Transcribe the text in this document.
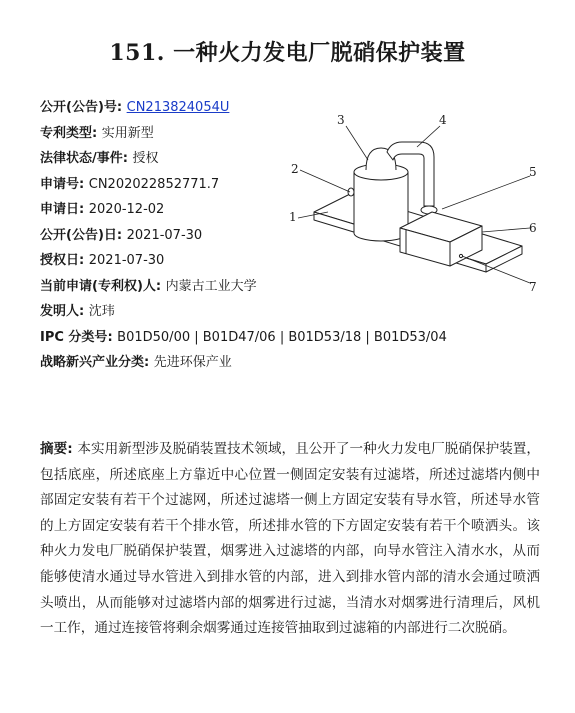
151. 一种火力发电厂脱硝保护装置
公开(公告)号: CN213824054U
专利类型: 实用新型
法律状态/事件: 授权
申请号: CN202022852771.7
申请日: 2020-12-02
公开(公告)日: 2021-07-30
授权日: 2021-07-30
当前申请(专利权)人: 内蒙古工业大学
发明人: 沈玮
IPC 分类号: B01D50/00 | B01D47/06 | B01D53/18 | B01D53/04
战略新兴产业分类: 先进环保产业
1
2
3	4
5
6
7
摘要: 本实用新型涉及脱硝装置技术领域，且公开了一种火力发电厂脱硝保护装置，包括底座，所述底座上方靠近中心位置一侧固定安装有过滤塔，所述过滤塔内侧中部固定安装有若干个过滤网，所述过滤塔一侧上方固定安装有导水管，所述导水管的上方固定安装有若干个排水管，所述排水管的下方固定安装有若干个喷洒头。该种火力发电厂脱硝保护装置，烟雾进入过滤塔的内部，向导水管注入清水水，从而能够使清水通过导水管进入到排水管的内部，进入到排水管内部的清水会通过喷洒头喷出，从而能够对过滤塔内部的烟雾进行过滤，当清水对烟雾进行清理后，风机一工作，通过连接管将剩余烟雾通过连接管抽取到过滤箱的内部进行二次脱硝。
